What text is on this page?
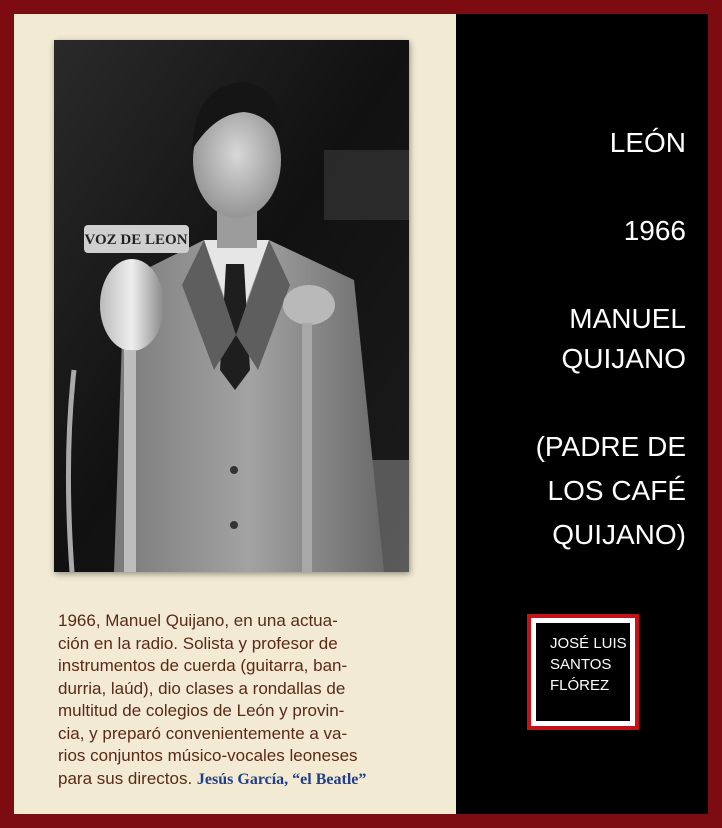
VOZ DE LEON

1966, Manuel Quijano, en una actua-

ción en la radio. Solista y profesor de

instrumentos de cuerda (guitarra, ban-

durria, laúd), dio clases a rondallas de

multitud de colegios de León y provin-

cia, y preparó convenientemente a va-

rios conjuntos músico-vocales leoneses

para sus directos. Jesús García, “el Beatle”

LEÓN
1966
MANUEL
QUIJANO
(PADRE DE
LOS CAFÉ
QUIJANO)
JOSÉ LUIS
SANTOS
FLÓREZ
